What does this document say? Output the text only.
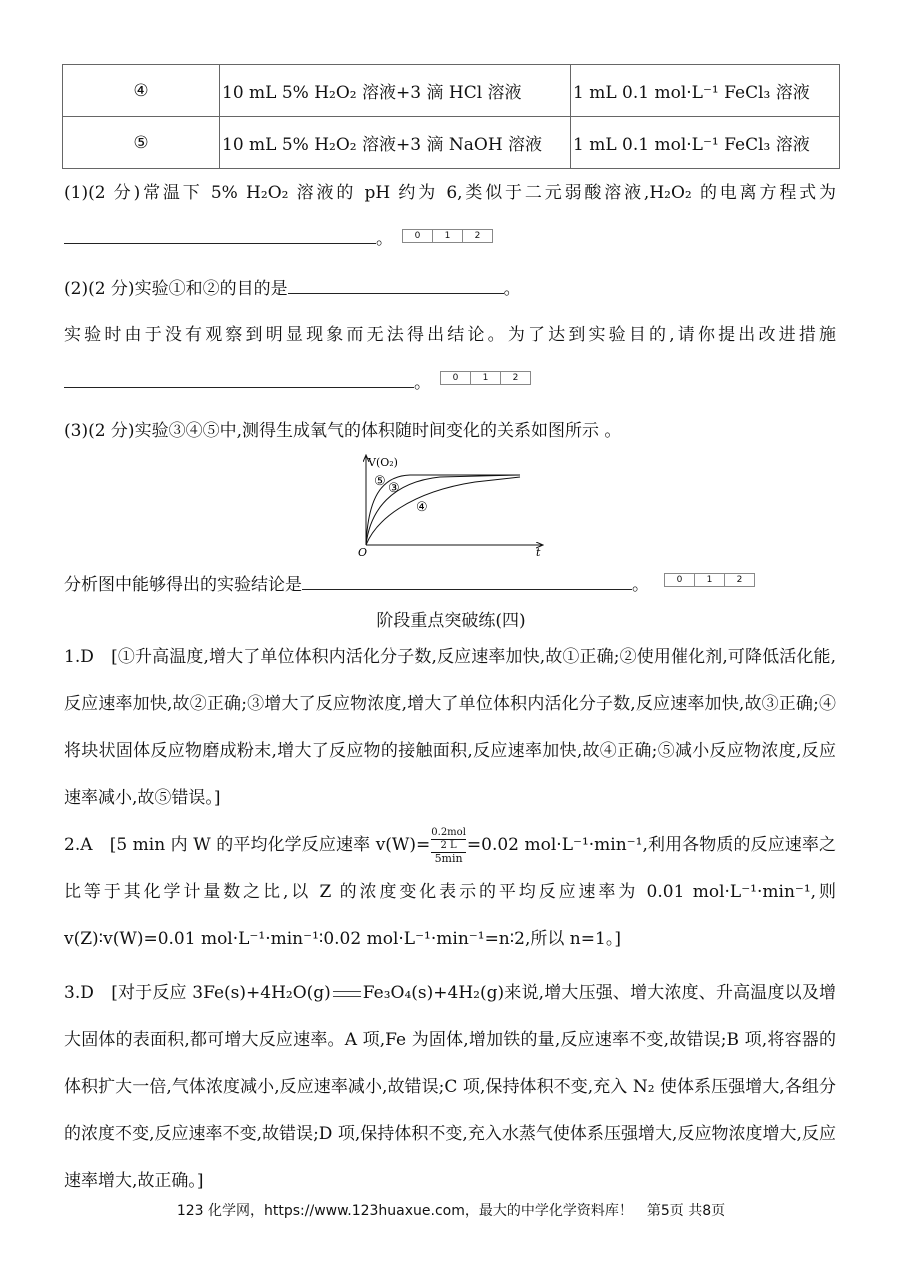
④	10 mL 5% H₂O₂ 溶液+3 滴 HCl 溶液	1 mL 0.1 mol·L⁻¹ FeCl₃ 溶液
⑤	10 mL 5% H₂O₂ 溶液+3 滴 NaOH 溶液	1 mL 0.1 mol·L⁻¹ FeCl₃ 溶液
(1)(2 分)常温下 5% H₂O₂ 溶液的 pH 约为 6,类似于二元弱酸溶液,H₂O₂ 的电离方程式为
。	0	1	2
(2)(2 分)实验①和②的目的是	。
实验时由于没有观察到明显现象而无法得出结论。为了达到实验目的,请你提出改进措施
。	0	1	2
(3)(2 分)实验③④⑤中,测得生成氧气的体积随时间变化的关系如图所示 。
V(O₂)
⑤ ③
④
O	t
分析图中能够得出的实验结论是	。	0	1	2
阶段重点突破练(四)
1.D　[①升高温度,增大了单位体积内活化分子数,反应速率加快,故①正确;②使用催化剂,可降低活化能,反应速率加快,故②正确;③增大了反应物浓度,增大了单位体积内活化分子数,反应速率加快,故③正确;④将块状固体反应物磨成粉末,增大了反应物的接触面积,反应速率加快,故④正确;⑤减小反应物浓度,反应速率减小,故⑤错误。]
2.A　[5 min 内 W 的平均化学反应速率 v(W)=
0.2mol
2 L
5min
=0.02 mol·L⁻¹·min⁻¹,利用各物质的反应速率之比等于其化学计量数之比,以 Z 的浓度变化表示的平均反应速率为 0.01 mol·L⁻¹·min⁻¹,则 v(Z)∶v(W)=0.01 mol·L⁻¹·min⁻¹∶0.02 mol·L⁻¹·min⁻¹=n∶2,所以 n=1。]
3.D　[对于反应 3Fe(s)+4H₂O(g) Fe₃O₄(s)+4H₂(g)来说,增大压强、增大浓度、升高温度以及增大固体的表面积,都可增大反应速率。A 项,Fe 为固体,增加铁的量,反应速率不变,故错误;B 项,将容器的体积扩大一倍,气体浓度减小,反应速率减小,故错误;C 项,保持体积不变,充入 N₂ 使体系压强增大,各组分的浓度不变,反应速率不变,故错误;D 项,保持体积不变,充入水蒸气使体系压强增大,反应物浓度增大,反应速率增大,故正确。]
123 化学网，https://www.123huaxue.com，最大的中学化学资料库！　第5页 共8页
